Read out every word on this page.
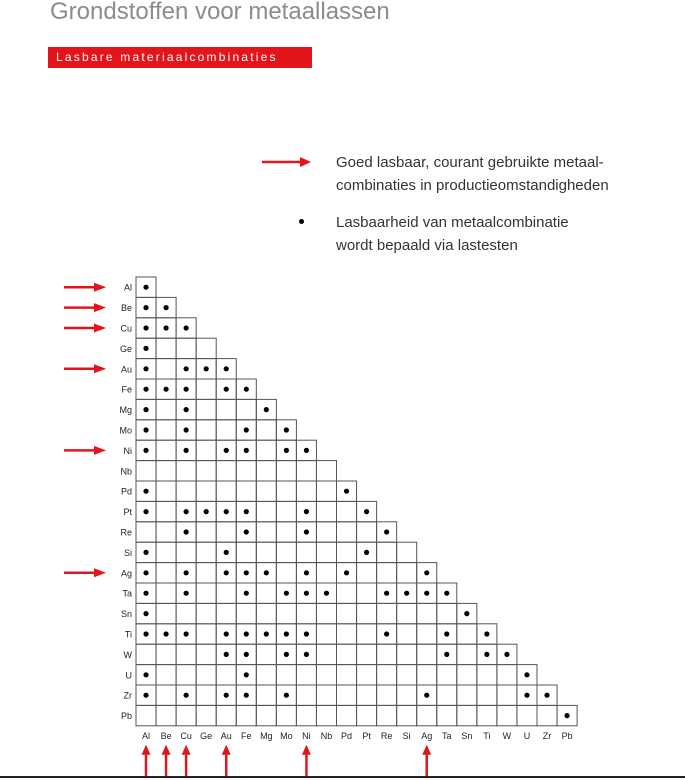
Grondstoffen voor metaallassen
Lasbare materiaalcombinaties
Goed lasbaar, courant gebruikte metaal-
combinaties in productieomstandigheden
Lasbaarheid van metaalcombinatie
wordt bepaald via lastesten
Al
Be
Cu
Ge
Au
Fe
Mg
Mo
Ni
Nb
Pd
Pt
Re
Si
Ag
Ta
Sn
Ti
W
U
Zr
Pb
Al Be Cu Ge Au Fe Mg Mo Ni Nb Pd Pt Re Si Ag Ta Sn Ti W U Zr Pb
